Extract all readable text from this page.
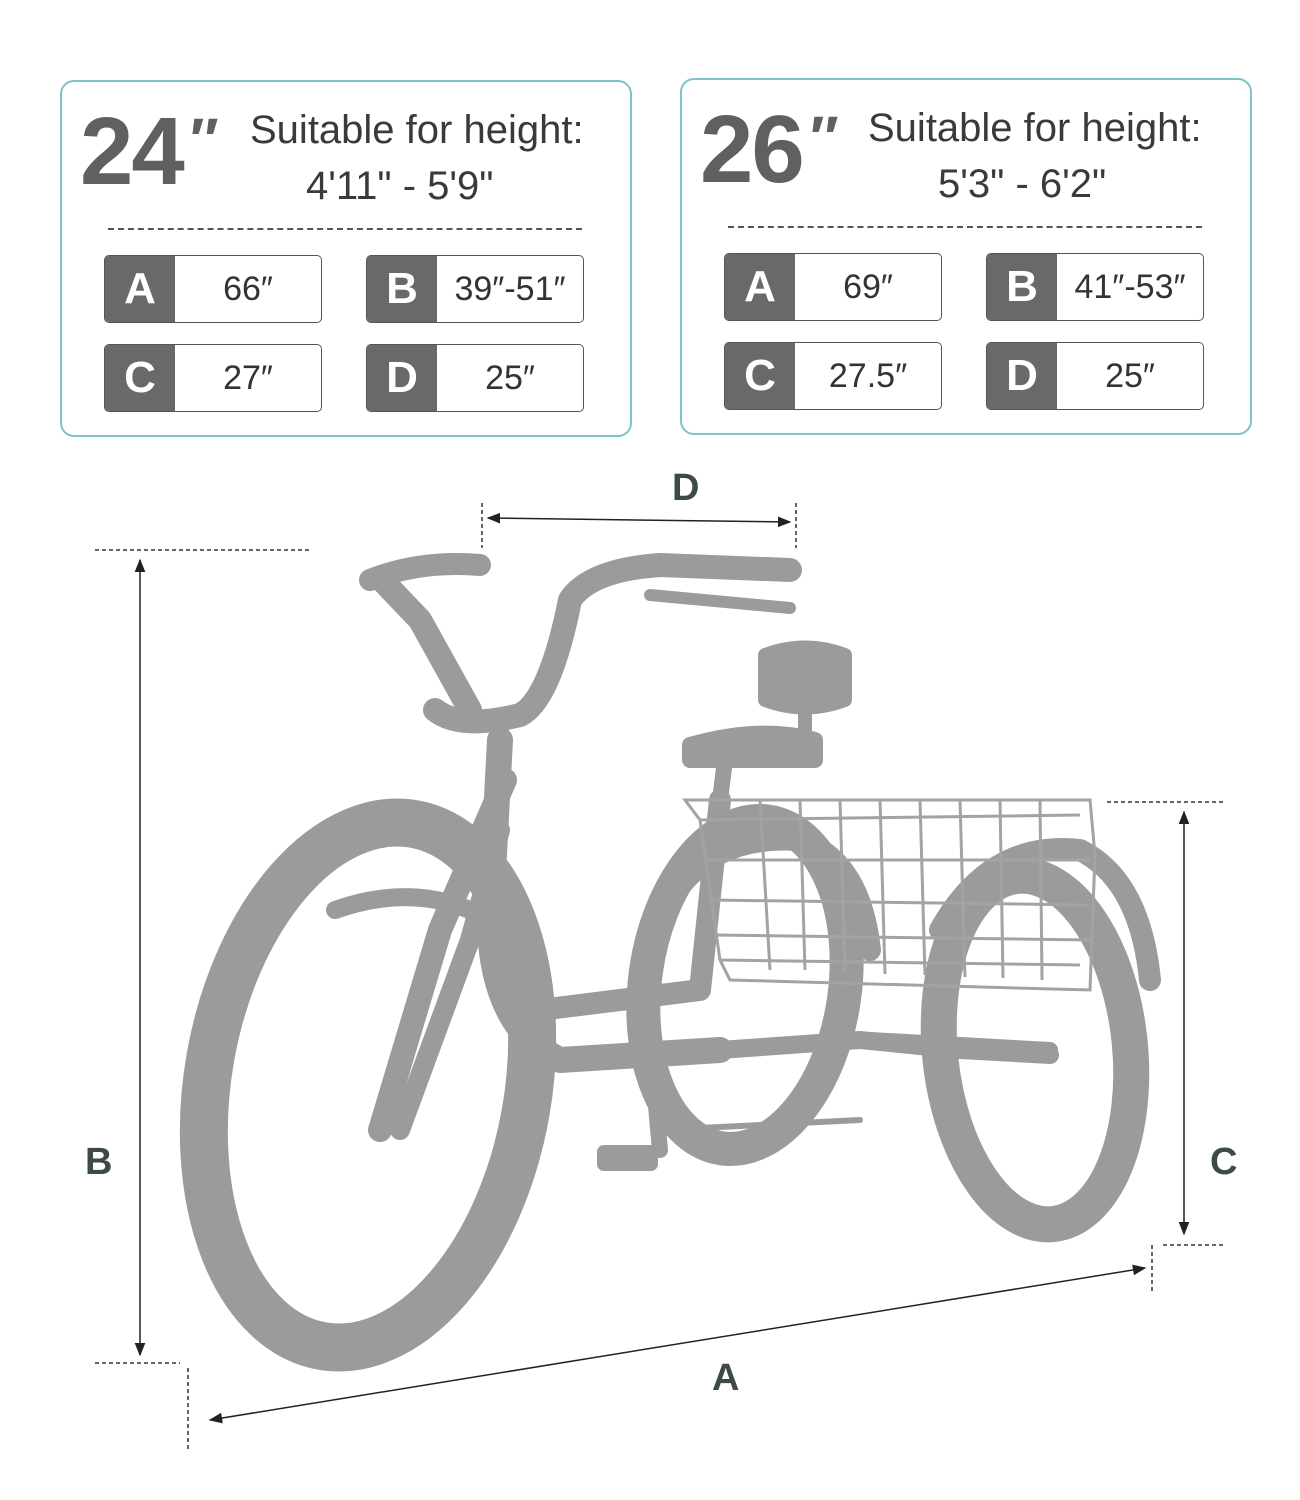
24″ Suitable for height:
4'11" - 5'9"
A	66″	B	39″-51″
C	27″	D	25″
26″ Suitable for height:
5'3" - 6'2"
A	69″	B	41″-53″
C	27.5″	D	25″
D
B	C
A
